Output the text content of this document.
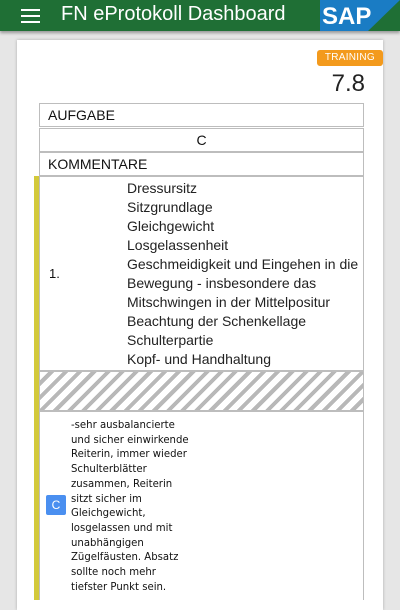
FN eProtokoll Dashboard SAP
TRAINING
7.8
AUFGABE
C
KOMMENTARE
1.
Dressursitz
Sitzgrundlage
Gleichgewicht
Losgelassenheit
Geschmeidigkeit und Eingehen in die
Bewegung - insbesondere das
Mitschwingen in der Mittelpositur
Beachtung der Schenkellage
Schulterpartie
Kopf- und Handhaltung
C
-sehr ausbalancierte und sicher einwirkende Reiterin, immer wieder Schulterblätter zusammen, Reiterin sitzt sicher im Gleichgewicht, losgelassen und mit unabhängigen Zügelfäusten. Absatz sollte noch mehr tiefster Punkt sein.
